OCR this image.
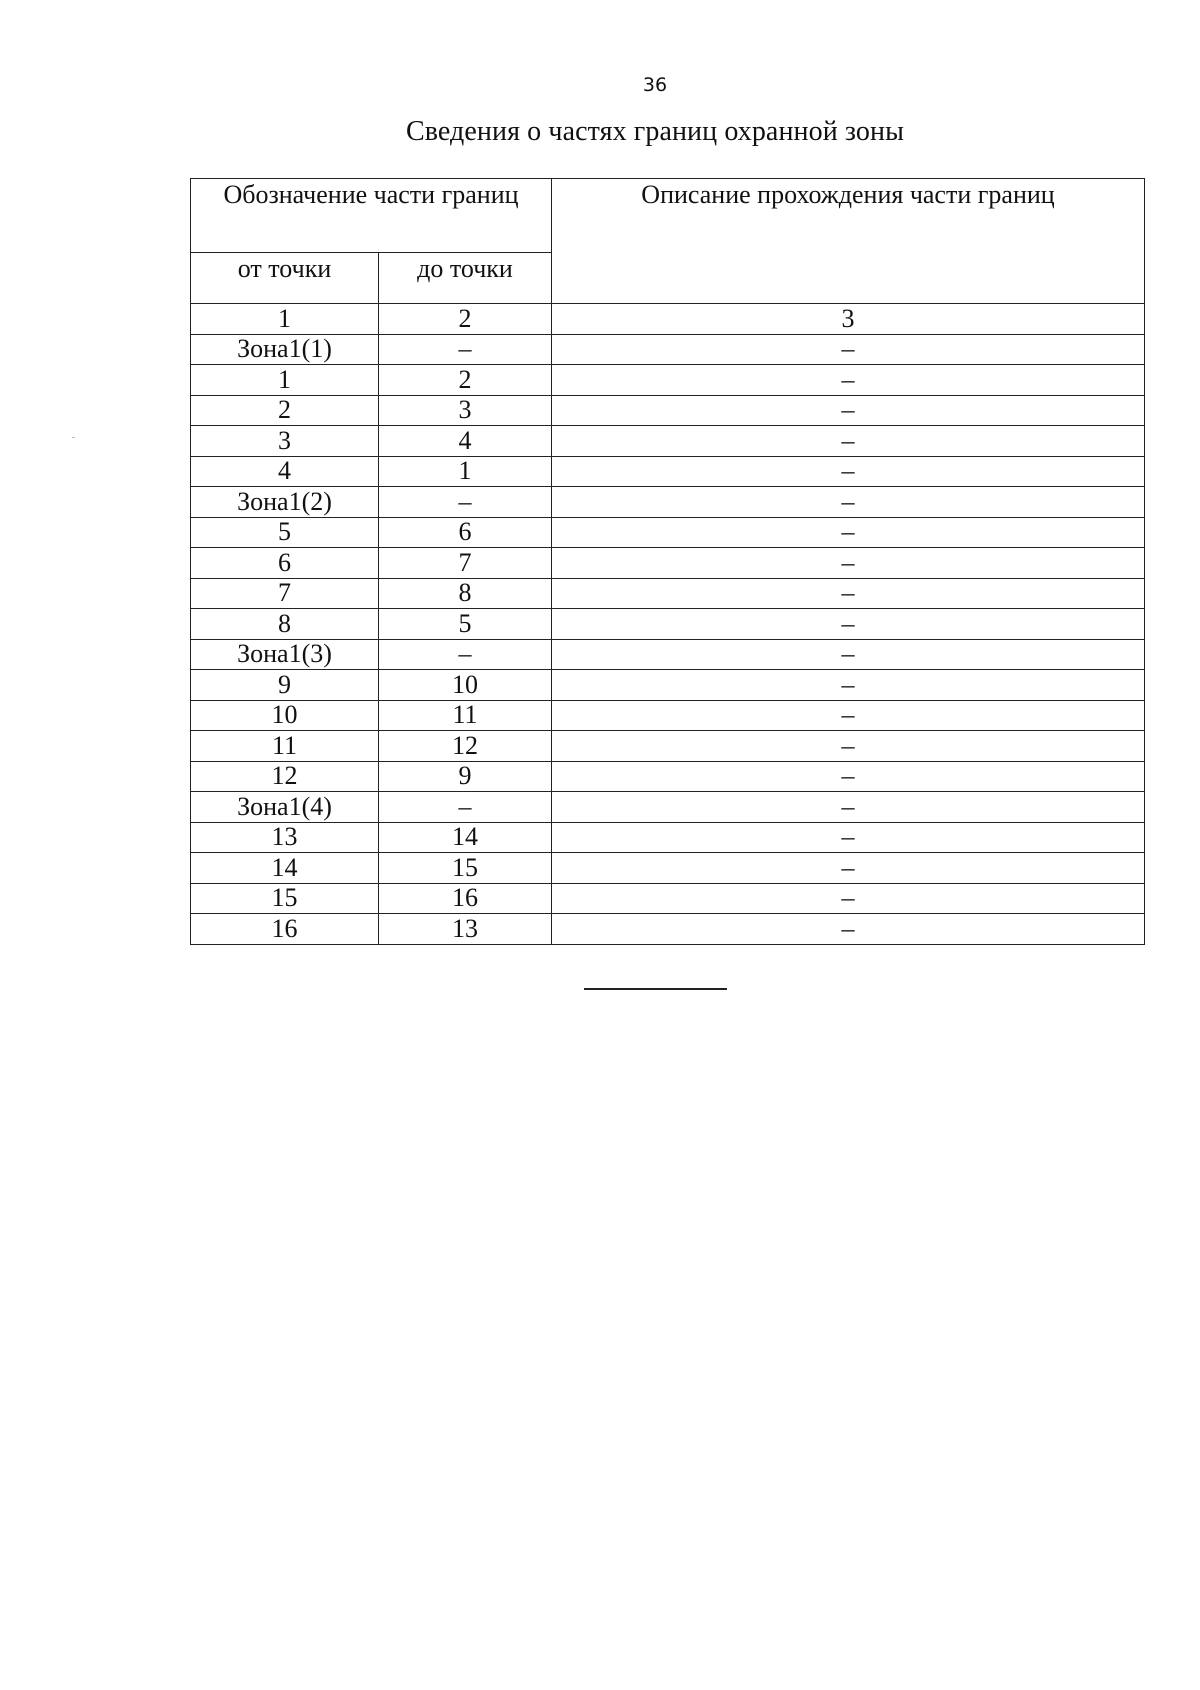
36
Сведения о частях границ охранной зоны
Обозначение части границ		Описание прохождения части границ
от точки	до точки	
1	2	3
Зона1(1)	–	–
1	2	–
2	3	–
3	4	–
4	1	–
Зона1(2)	–	–
5	6	–
6	7	–
7	8	–
8	5	–
Зона1(3)	–	–
9	10	–
10	11	–
11	12	–
12	9	–
Зона1(4)	–	–
13	14	–
14	15	–
15	16	–
16	13	–
